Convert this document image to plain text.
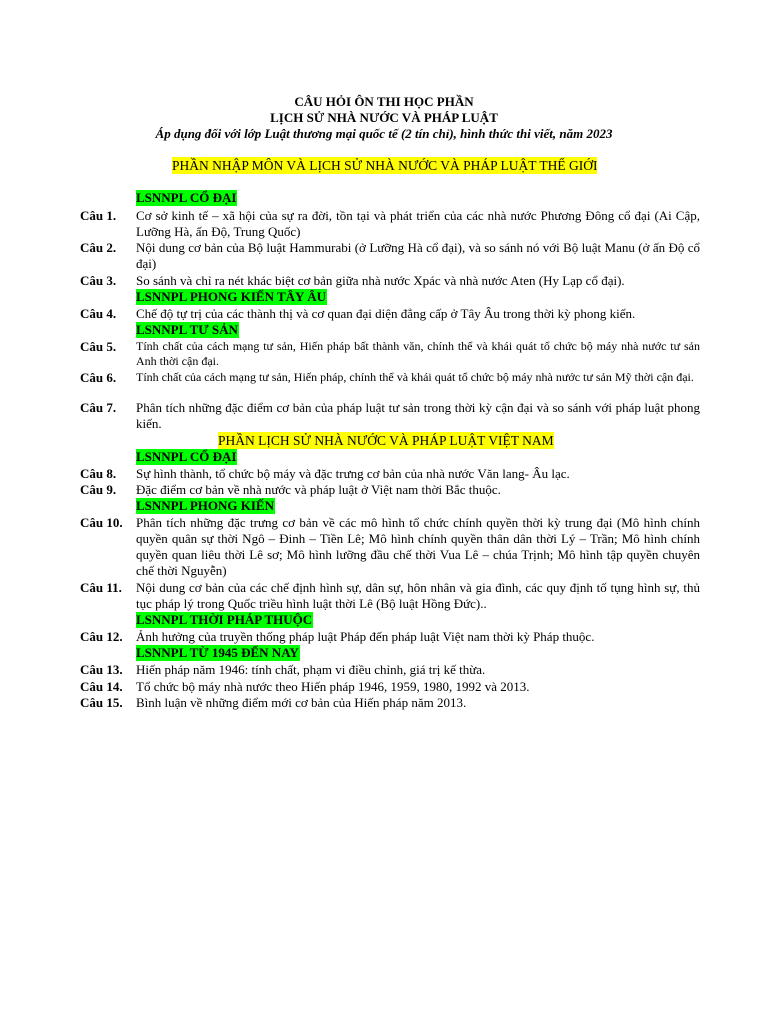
CÂU HỎI ÔN THI HỌC PHẦN
LỊCH SỬ NHÀ NƯỚC VÀ PHÁP LUẬT
Áp dụng đối với lớp Luật thương mại quốc tế (2 tín chỉ), hình thức thi viết, năm 2023
PHẦN NHẬP MÔN VÀ LỊCH SỬ NHÀ NƯỚC VÀ PHÁP LUẬT THẾ GIỚI
LSNNPL CỔ ĐẠI
Câu 1. Cơ sở kinh tế – xã hội của sự ra đời, tồn tại và phát triển của các nhà nước Phương Đông cổ đại (Ai Cập, Lưỡng Hà, ấn Độ, Trung Quốc)
Câu 2. Nội dung cơ bản của Bộ luật Hammurabi (ở Lưỡng Hà cổ đại), và so sánh nó với Bộ luật Manu (ở ấn Độ cổ đại)
Câu 3. So sánh và chỉ ra nét khác biệt cơ bản giữa nhà nước Xpác và nhà nước Aten (Hy Lạp cổ đại).
LSNNPL PHONG KIẾN TÂY ÂU
Câu 4. Chế độ tự trị của các thành thị và cơ quan đại diện đẳng cấp ở Tây Âu trong thời kỳ phong kiến.
LSNNPL TƯ SẢN
Câu 5. Tính chất của cách mạng tư sản, Hiến pháp bất thành văn, chính thể và khái quát tổ chức bộ máy nhà nước tư sản Anh thời cận đại.
Câu 6. Tính chất của cách mạng tư sản, Hiến pháp, chính thể và khái quát tổ chức bộ máy nhà nước tư sản Mỹ thời cận đại.
Câu 7. Phân tích những đặc điểm cơ bản của pháp luật tư sản trong thời kỳ cận đại và so sánh với pháp luật phong kiến.
PHẦN LỊCH SỬ NHÀ NƯỚC VÀ PHÁP LUẬT VIỆT NAM
LSNNPL CỔ ĐẠI
Câu 8. Sự hình thành, tổ chức bộ máy và đặc trưng cơ bản của nhà nước Văn lang- Âu lạc.
Câu 9. Đặc điểm cơ bản về nhà nước và pháp luật ở Việt nam thời Bắc thuộc.
LSNNPL PHONG KIẾN
Câu 10. Phân tích những đặc trưng cơ bản về các mô hình tổ chức chính quyền thời kỳ trung đại (Mô hình chính quyền quân sự thời Ngô – Đinh – Tiền Lê; Mô hình chính quyền thân dân thời Lý – Trần; Mô hình chính quyền quan liêu thời Lê sơ; Mô hình lưỡng đầu chế thời Vua Lê – chúa Trịnh; Mô hình tập quyền chuyên chế thời Nguyễn)
Câu 11. Nội dung cơ bản của các chế định hình sự, dân sự, hôn nhân và gia đình, các quy định tố tụng hình sự, thủ tục pháp lý trong Quốc triều hình luật thời Lê (Bộ luật Hồng Đức)..
LSNNPL THỜI PHÁP THUỘC
Câu 12. Ảnh hưởng của truyền thống pháp luật Pháp đến pháp luật Việt nam thời kỳ Pháp thuộc.
LSNNPL TỪ 1945 ĐẾN NAY
Câu 13. Hiến pháp năm 1946: tính chất, phạm vi điều chỉnh, giá trị kế thừa.
Câu 14. Tổ chức bộ máy nhà nước theo Hiến pháp 1946, 1959, 1980, 1992 và 2013.
Câu 15. Bình luận về những điểm mới cơ bản của Hiến pháp năm 2013.
